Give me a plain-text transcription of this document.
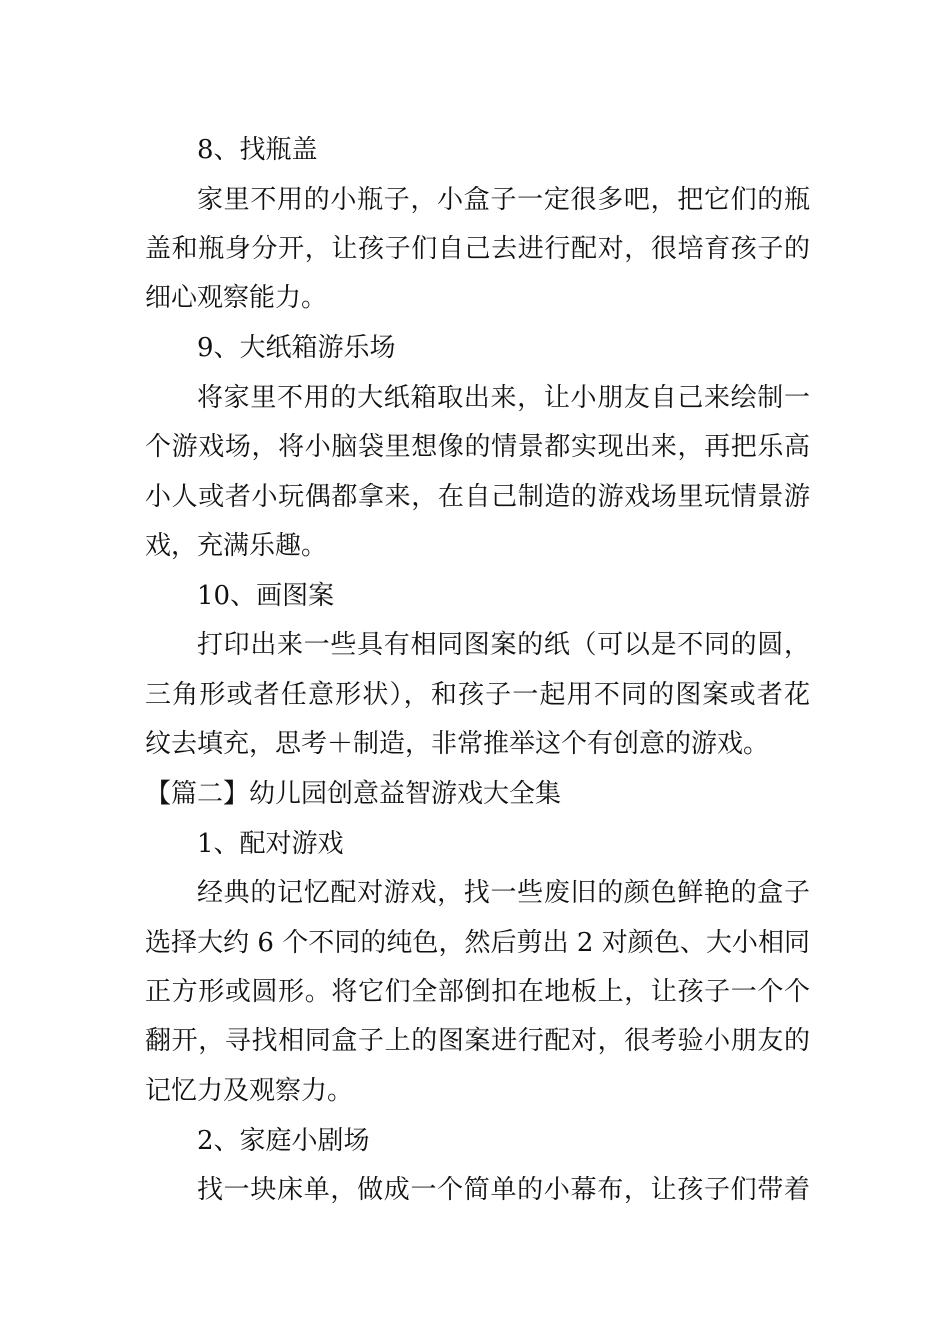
8、找瓶盖
家里不用的小瓶子，小盒子一定很多吧，把它们的瓶
盖和瓶身分开，让孩子们自己去进行配对，很培育孩子的
细心观察能力。
9、大纸箱游乐场
将家里不用的大纸箱取出来，让小朋友自己来绘制一
个游戏场，将小脑袋里想像的情景都实现出来，再把乐高
小人或者小玩偶都拿来，在自己制造的游戏场里玩情景游
戏，充满乐趣。
10、画图案
打印出来一些具有相同图案的纸（可以是不同的圆，
三角形或者任意形状），和孩子一起用不同的图案或者花
纹去填充，思考＋制造，非常推举这个有创意的游戏。
【篇二】幼儿园创意益智游戏大全集
1、配对游戏
经典的记忆配对游戏，找一些废旧的颜色鲜艳的盒子
选择大约 6 个不同的纯色，然后剪出 2 对颜色、大小相同
正方形或圆形。将它们全部倒扣在地板上，让孩子一个个
翻开，寻找相同盒子上的图案进行配对，很考验小朋友的
记忆力及观察力。
2、家庭小剧场
找一块床单，做成一个简单的小幕布，让孩子们带着
